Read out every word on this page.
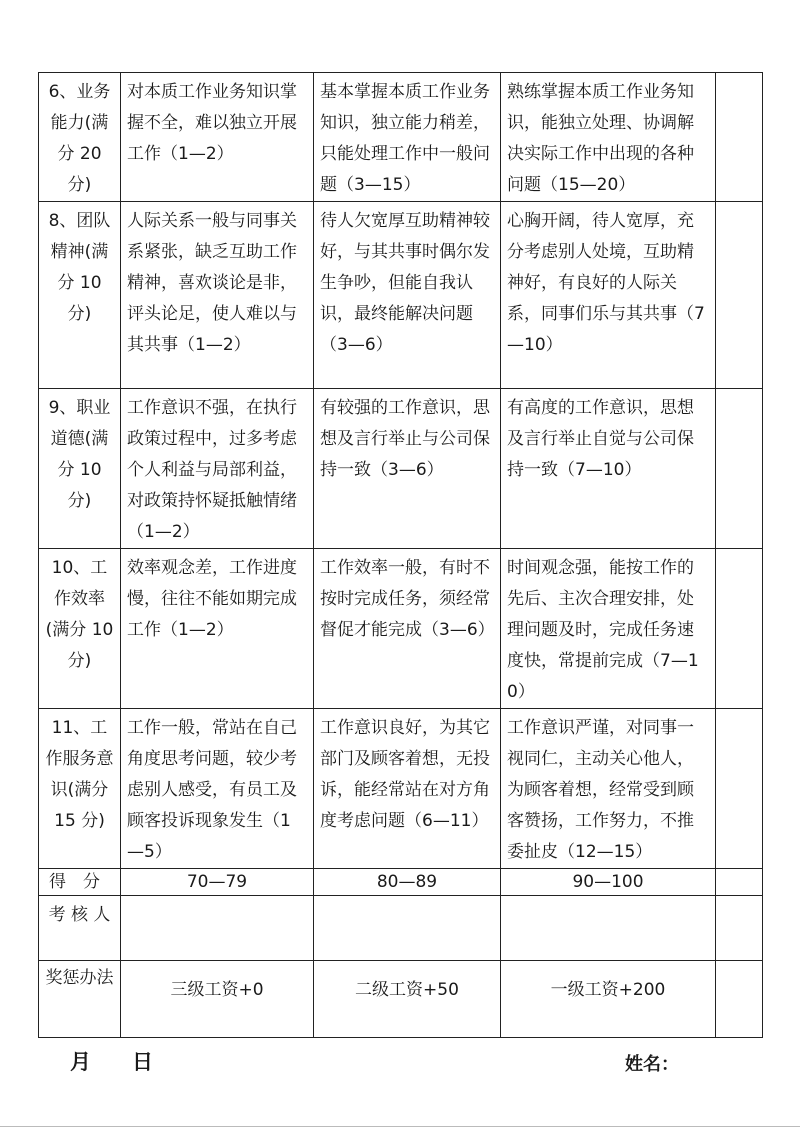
6、业务能力(满分 20 分)	对本质工作业务知识掌握不全，难以独立开展工作（1—2）	基本掌握本质工作业务知识，独立能力稍差，只能处理工作中一般问题（3—15）	熟练掌握本质工作业务知识，能独立处理、协调解决实际工作中出现的各种问题（15—20）	
8、团队精神(满分 10 分)	人际关系一般与同事关系紧张，缺乏互助工作精神，喜欢谈论是非，评头论足，使人难以与其共事（1—2）	待人欠宽厚互助精神较好，与其共事时偶尔发生争吵，但能自我认识，最终能解决问题（3—6）	心胸开阔，待人宽厚，充分考虑别人处境，互助精神好，有良好的人际关系，同事们乐与其共事（7—10）	
9、职业道德(满分 10 分)	工作意识不强，在执行政策过程中，过多考虑个人利益与局部利益，对政策持怀疑抵触情绪（1—2）	有较强的工作意识，思想及言行举止与公司保持一致（3—6）	有高度的工作意识，思想及言行举止自觉与公司保持一致（7—10）	
10、工作效率(满分 10 分)	效率观念差，工作进度慢，往往不能如期完成工作（1—2）	工作效率一般，有时不按时完成任务，须经常督促才能完成（3—6）	时间观念强，能按工作的先后、主次合理安排，处理问题及时，完成任务速度快，常提前完成（7—10）	
11、工作服务意识(满分 15 分)	工作一般，常站在自己角度思考问题，较少考虑别人感受，有员工及顾客投诉现象发生（1—5）	工作意识良好，为其它部门及顾客着想，无投诉，能经常站在对方角度考虑问题（6—11）	工作意识严谨，对同事一视同仁，主动关心他人，为顾客着想，经常受到顾客赞扬，工作努力，不推委扯皮（12—15）	
得　分	70—79	80—89	90—100	
考 核 人				
奖惩办法	三级工资+0	二级工资+50	一级工资+200	
月 日	姓名：
